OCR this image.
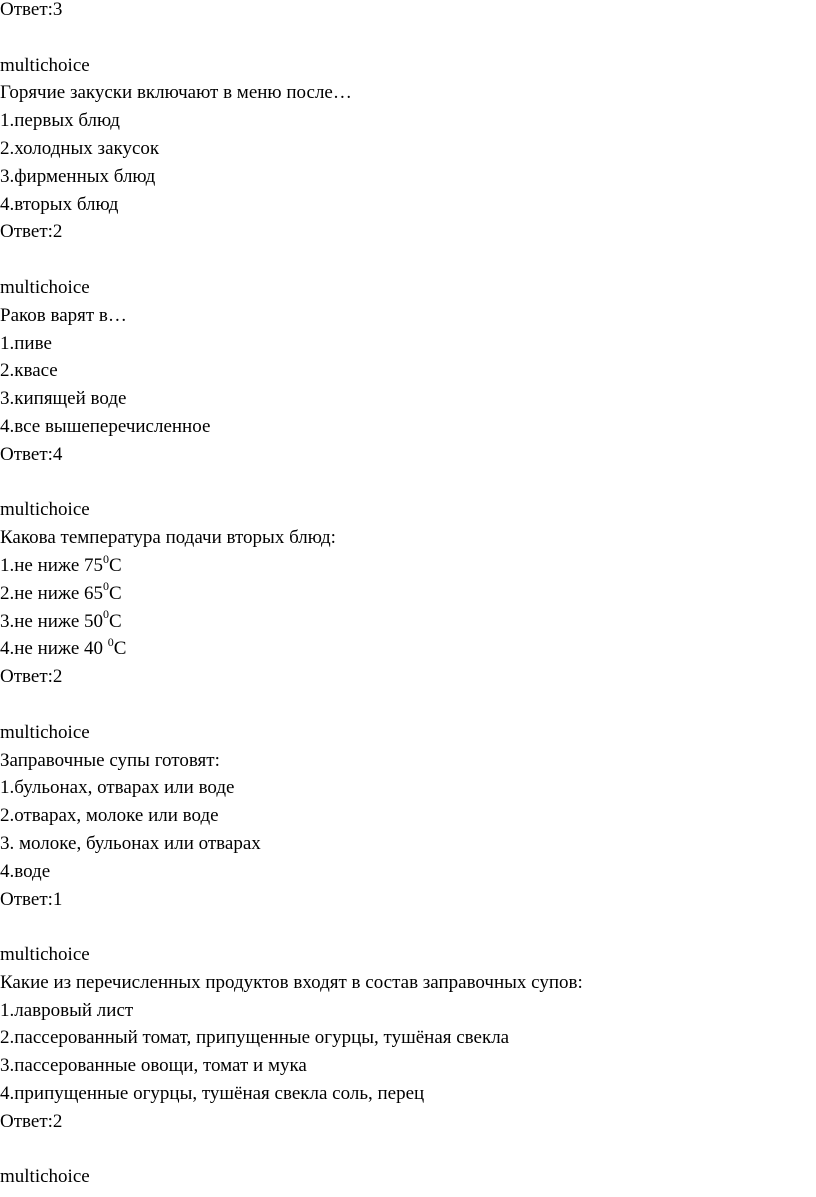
Ответ:3
multichoice
Горячие закуски включают в меню после…
1.первых блюд
2.холодных закусок
3.фирменных блюд
4.вторых блюд
Ответ:2
multichoice
Раков варят в…
1.пиве
2.квасе
3.кипящей воде
4.все вышеперечисленное
Ответ:4
multichoice
Какова температура подачи вторых блюд:
1.не ниже $75^0С$
2.не ниже $65^0С$
3.не ниже $50^0С$
4.не ниже 40 $^0$С
Ответ:2
multichoice
Заправочные супы готовят:
1.бульонах, отварах или воде
2.отварах, молоке или воде
3. молоке, бульонах или отварах
4.воде
Ответ:1
multichoice
Какие из перечисленных продуктов входят в состав заправочных супов:
1.лавровый лист
2.пассерованный томат, припущенные огурцы, тушёная свекла
3.пассерованные овощи, томат и мука
4.припущенные огурцы, тушёная свекла соль, перец
Ответ:2
multichoice
